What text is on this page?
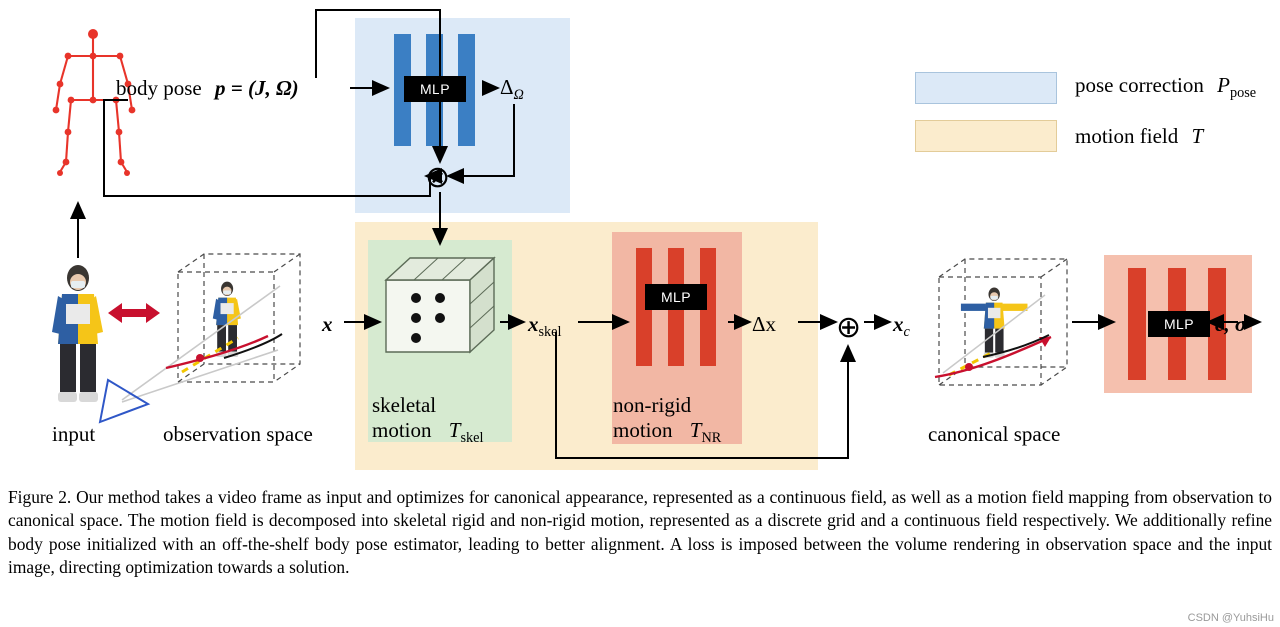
body pose p = (J, Ω)	MLP	$\Delta_\Omega$
⊗
pose correction $P_{pose}$
motion field T
input	observation space
x
skeletal
motion $T_{skel}$
$x_{skel}$
MLP
non-rigid
motion $T_{NR}$
Δx ⊕ $x_c$
canonical space
MLP	c, σ
Figure 2. Our method takes a video frame as input and optimizes for canonical appearance, represented as a continuous field, as well as a motion field mapping from observation to canonical space. The motion field is decomposed into skeletal rigid and non-rigid motion, represented as a discrete grid and a continuous field respectively. We additionally refine body pose initialized with an off-the-shelf body pose estimator, leading to better alignment. A loss is imposed between the volume rendering in observation space and the input image, directing optimization towards a solution.
CSDN @YuhsiHu
